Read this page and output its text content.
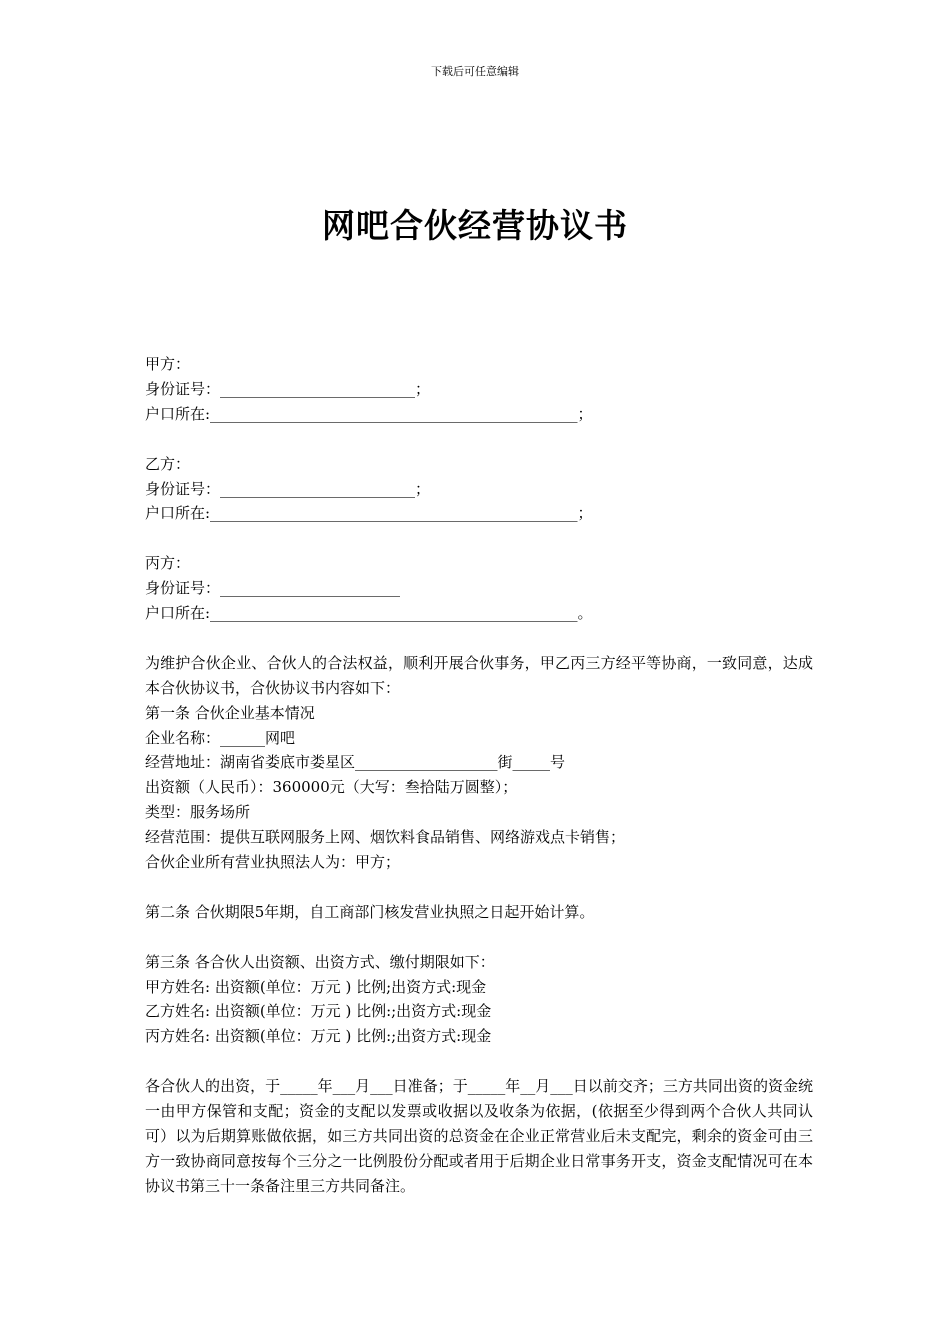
下载后可任意编辑
网吧合伙经营协议书
甲方：
身份证号：__________________________；
户口所在:_________________________________________________；
乙方：
身份证号：__________________________；
户口所在:_________________________________________________；
丙方：
身份证号：________________________
户口所在:_________________________________________________。
为维护合伙企业、合伙人的合法权益，顺利开展合伙事务，甲乙丙三方经平等协商，一致同意，达成本合伙协议书，合伙协议书内容如下：
第一条 合伙企业基本情况
企业名称：______网吧
经营地址：湖南省娄底市娄星区___________________街_____号
出资额（人民币）：360000元（大写：叁拾陆万圆整）；
类型：服务场所
经营范围：提供互联网服务上网、烟饮料食品销售、网络游戏点卡销售；
合伙企业所有营业执照法人为：甲方；
第二条 合伙期限5年期，自工商部门核发营业执照之日起开始计算。
第三条 各合伙人出资额、出资方式、缴付期限如下：
甲方姓名: 出资额(单位：万元 ) 比例;出资方式:现金
乙方姓名: 出资额(单位：万元 ) 比例:;出资方式:现金
丙方姓名: 出资额(单位：万元 ) 比例:;出资方式:现金
各合伙人的出资，于_____年___月___日准备；于_____年__月___日以前交齐；三方共同出资的资金统一由甲方保管和支配；资金的支配以发票或收据以及收条为依据，(依据至少得到两个合伙人共同认可）以为后期算账做依据，如三方共同出资的总资金在企业正常营业后未支配完，剩余的资金可由三方一致协商同意按每个三分之一比例股份分配或者用于后期企业日常事务开支，资金支配情况可在本协议书第三十一条备注里三方共同备注。
